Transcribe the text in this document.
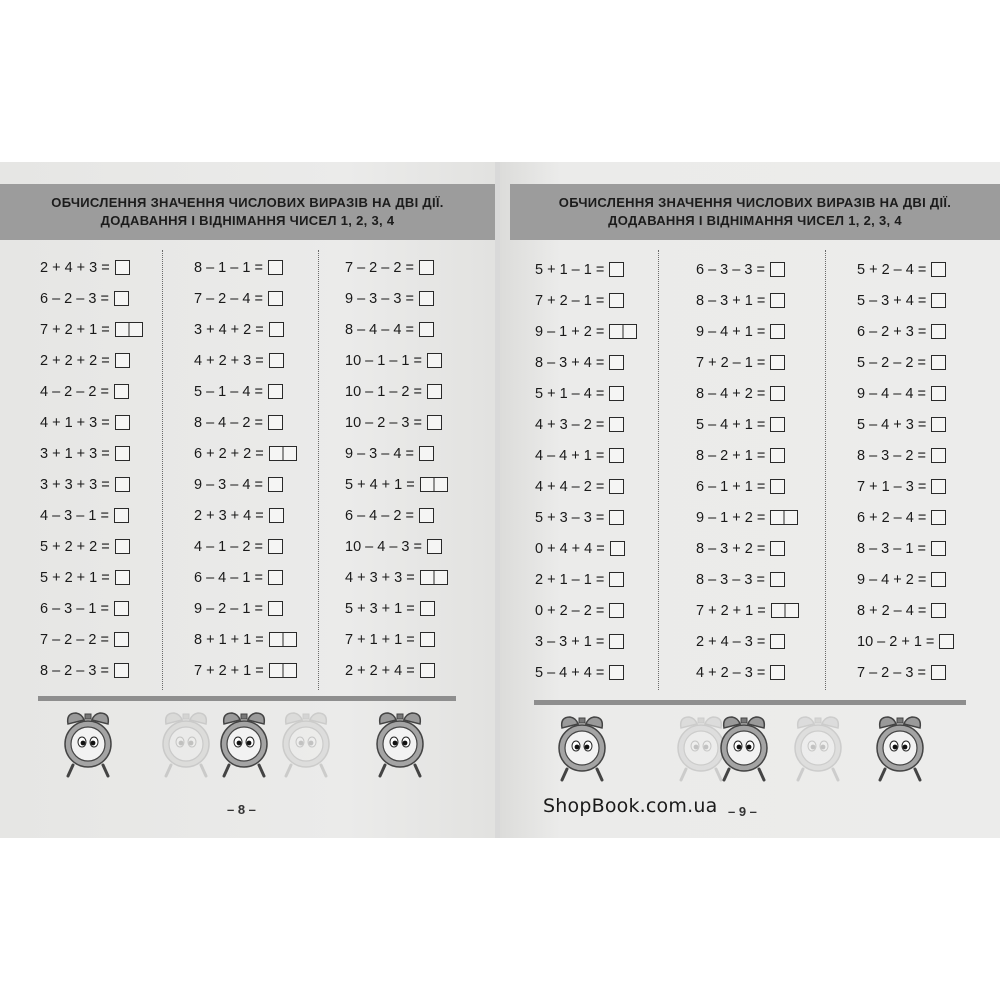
ОБЧИСЛЕННЯ ЗНАЧЕННЯ ЧИСЛОВИХ ВИРАЗІВ НА ДВІ ДІЇ.
ДОДАВАННЯ І ВІДНІМАННЯ ЧИСЕЛ 1, 2, 3, 4
2 + 4 + 3 =
6 – 2 – 3 =
7 + 2 + 1 =
2 + 2 + 2 =
4 – 2 – 2 =
4 + 1 + 3 =
3 + 1 + 3 =
3 + 3 + 3 =
4 – 3 – 1 =
5 + 2 + 2 =
5 + 2 + 1 =
6 – 3 – 1 =
7 – 2 – 2 =
8 – 2 – 3 =
8 – 1 – 1 =
7 – 2 – 4 =
3 + 4 + 2 =
4 + 2 + 3 =
5 – 1 – 4 =
8 – 4 – 2 =
6 + 2 + 2 =
9 – 3 – 4 =
2 + 3 + 4 =
4 – 1 – 2 =
6 – 4 – 1 =
9 – 2 – 1 =
8 + 1 + 1 =
7 + 2 + 1 =
7 – 2 – 2 =
9 – 3 – 3 =
8 – 4 – 4 =
10 – 1 – 1 =
10 – 1 – 2 =
10 – 2 – 3 =
9 – 3 – 4 =
5 + 4 + 1 =
6 – 4 – 2 =
10 – 4 – 3 =
4 + 3 + 3 =
5 + 3 + 1 =
7 + 1 + 1 =
2 + 2 + 4 =
– 8 –
ОБЧИСЛЕННЯ ЗНАЧЕННЯ ЧИСЛОВИХ ВИРАЗІВ НА ДВІ ДІЇ.
ДОДАВАННЯ І ВІДНІМАННЯ ЧИСЕЛ 1, 2, 3, 4
5 + 1 – 1 =
7 + 2 – 1 =
9 – 1 + 2 =
8 – 3 + 4 =
5 + 1 – 4 =
4 + 3 – 2 =
4 – 4 + 1 =
4 + 4 – 2 =
5 + 3 – 3 =
0 + 4 + 4 =
2 + 1 – 1 =
0 + 2 – 2 =
3 – 3 + 1 =
5 – 4 + 4 =
6 – 3 – 3 =
8 – 3 + 1 =
9 – 4 + 1 =
7 + 2 – 1 =
8 – 4 + 2 =
5 – 4 + 1 =
8 – 2 + 1 =
6 – 1 + 1 =
9 – 1 + 2 =
8 – 3 + 2 =
8 – 3 – 3 =
7 + 2 + 1 =
2 + 4 – 3 =
4 + 2 – 3 =
5 + 2 – 4 =
5 – 3 + 4 =
6 – 2 + 3 =
5 – 2 – 2 =
9 – 4 – 4 =
5 – 4 + 3 =
8 – 3 – 2 =
7 + 1 – 3 =
6 + 2 – 4 =
8 – 3 – 1 =
9 – 4 + 2 =
8 + 2 – 4 =
10 – 2 + 1 =
7 – 2 – 3 =
ShopBook.com.ua – 9 –
